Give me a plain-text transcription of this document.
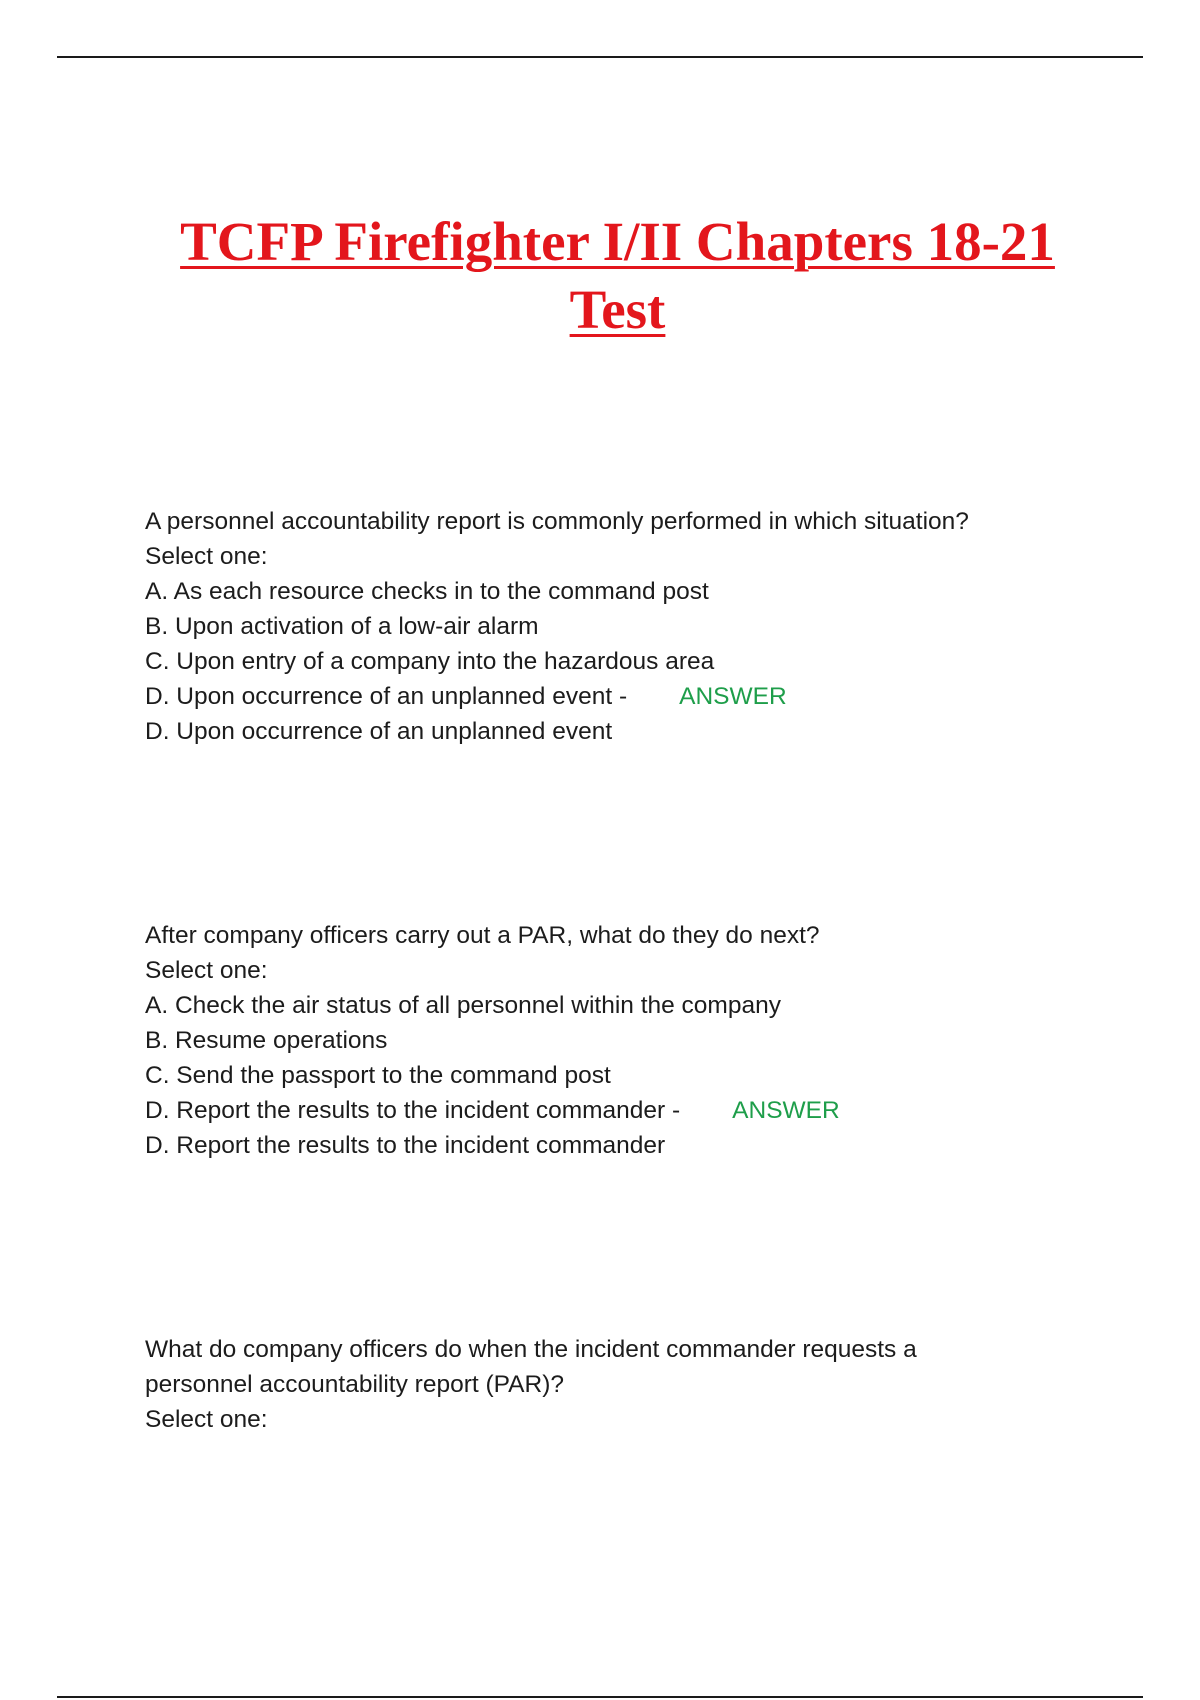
TCFP Firefighter I/II Chapters 18-21
Test
A personnel accountability report is commonly performed in which situation?
Select one:
A. As each resource checks in to the command post
B. Upon activation of a low-air alarm
C. Upon entry of a company into the hazardous area
D. Upon occurrence of an unplanned event - ANSWER
D. Upon occurrence of an unplanned event
After company officers carry out a PAR, what do they do next?
Select one:
A. Check the air status of all personnel within the company
B. Resume operations
C. Send the passport to the command post
D. Report the results to the incident commander - ANSWER
D. Report the results to the incident commander
What do company officers do when the incident commander requests a personnel accountability report (PAR)?
Select one:
